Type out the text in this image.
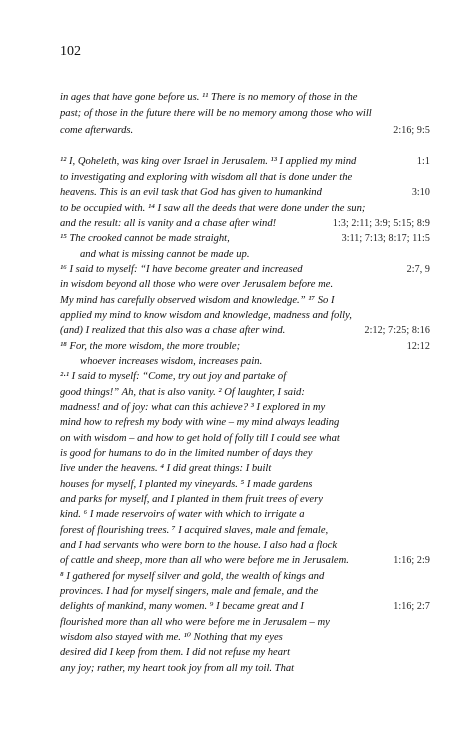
102
in ages that have gone before us. ¹¹ There is no memory of those in the
past; of those in the future there will be no memory among those who will
come afterwards.	2:16; 9:5
¹² I, Qoheleth, was king over Israel in Jerusalem. ¹³ I applied my mind	1:1
to investigating and exploring with wisdom all that is done under the
heavens. This is an evil task that God has given to humankind	3:10
to be occupied with. ¹⁴ I saw all the deeds that were done under the sun;
and the result: all is vanity and a chase after wind!	1:3; 2:11; 3:9; 5:15; 8:9
¹⁵ The crooked cannot be made straight,	3:11; 7:13; 8:17; 11:5
and what is missing cannot be made up.
¹⁶ I said to myself: “I have become greater and increased	2:7, 9
in wisdom beyond all those who were over Jerusalem before me.
My mind has carefully observed wisdom and knowledge.” ¹⁷ So I
applied my mind to know wisdom and knowledge, madness and folly,
(and) I realized that this also was a chase after wind.	2:12; 7:25; 8:16
¹⁸ For, the more wisdom, the more trouble;	12:12
whoever increases wisdom, increases pain.
²·¹ I said to myself: “Come, try out joy and partake of
good things!” Ah, that is also vanity. ² Of laughter, I said:
madness! and of joy: what can this achieve? ³ I explored in my
mind how to refresh my body with wine – my mind always leading
on with wisdom – and how to get hold of folly till I could see what
is good for humans to do in the limited number of days they
live under the heavens. ⁴ I did great things: I built
houses for myself, I planted my vineyards. ⁵ I made gardens
and parks for myself, and I planted in them fruit trees of every
kind. ⁶ I made reservoirs of water with which to irrigate a
forest of flourishing trees. ⁷ I acquired slaves, male and female,
and I had servants who were born to the house. I also had a flock
of cattle and sheep, more than all who were before me in Jerusalem.	1:16; 2:9
⁸ I gathered for myself silver and gold, the wealth of kings and
provinces. I had for myself singers, male and female, and the
delights of mankind, many women. ⁹ I became great and I	1:16; 2:7
flourished more than all who were before me in Jerusalem – my
wisdom also stayed with me. ¹⁰ Nothing that my eyes
desired did I keep from them. I did not refuse my heart
any joy; rather, my heart took joy from all my toil. That
